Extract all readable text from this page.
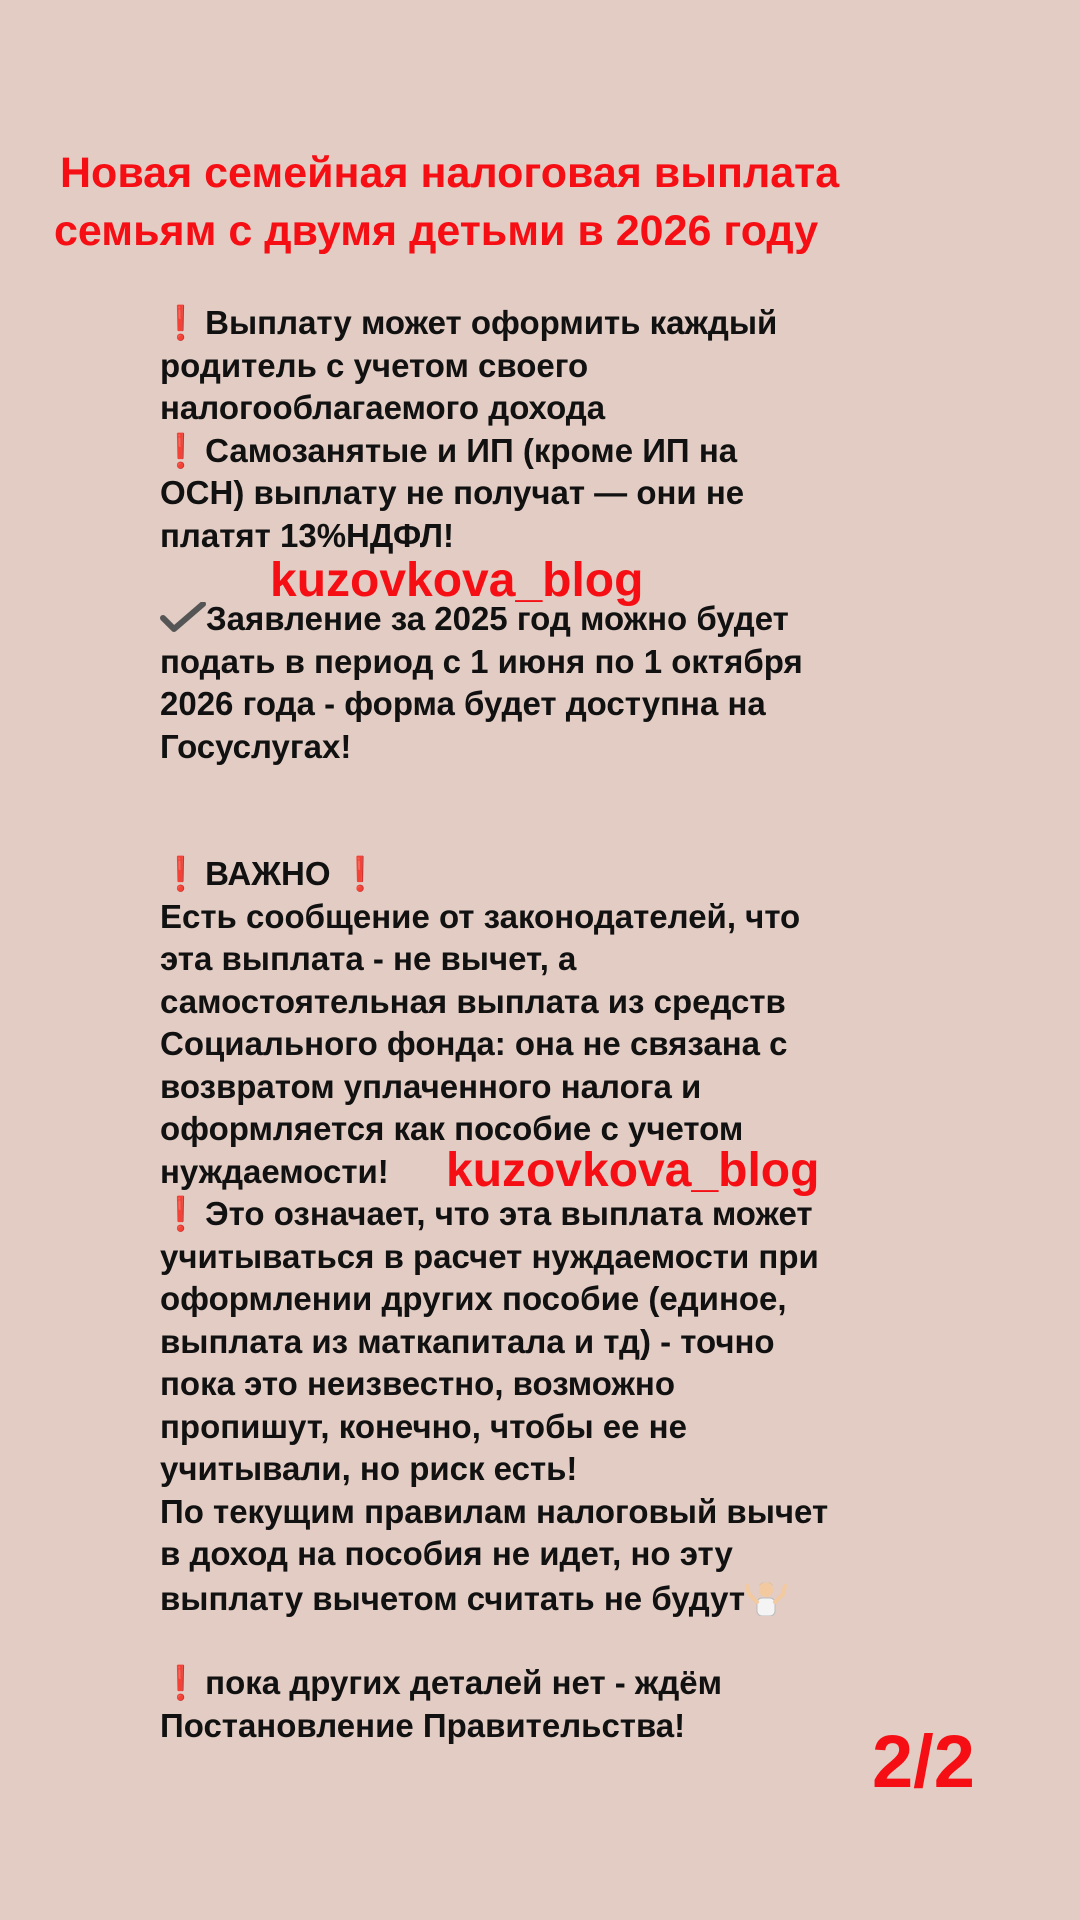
Новая семейная налоговая выплата
семьям с двумя детьми в 2026 году
❗ Выплату может оформить каждый
родитель с учетом своего
налогооблагаемого дохода
❗ Самозанятые и ИП (кроме ИП на
ОСН) выплату не получат — они не
платят 13%НДФЛ!
kuzovkova_blog
Заявление за 2025 год можно будет
подать в период с 1 июня по 1 октября
2026 года - форма будет доступна на
Госуслугах!
❗ ВАЖНО ❗
Есть сообщение от законодателей, что
эта выплата - не вычет, а
самостоятельная выплата из средств
Социального фонда: она не связана с
возвратом уплаченного налога и
оформляется как пособие с учетом
нуждаемости!
❗ Это означает, что эта выплата может
учитываться в расчет нуждаемости при
оформлении других пособие (единое,
выплата из маткапитала и тд) - точно
пока это неизвестно, возможно
пропишут, конечно, чтобы ее не
учитывали, но риск есть!
По текущим правилам налоговый вычет
в доход на пособия не идет, но эту
выплату вычетом считать не будут
kuzovkova_blog
❗ пока других деталей нет - ждём
Постановление Правительства!	2/2
